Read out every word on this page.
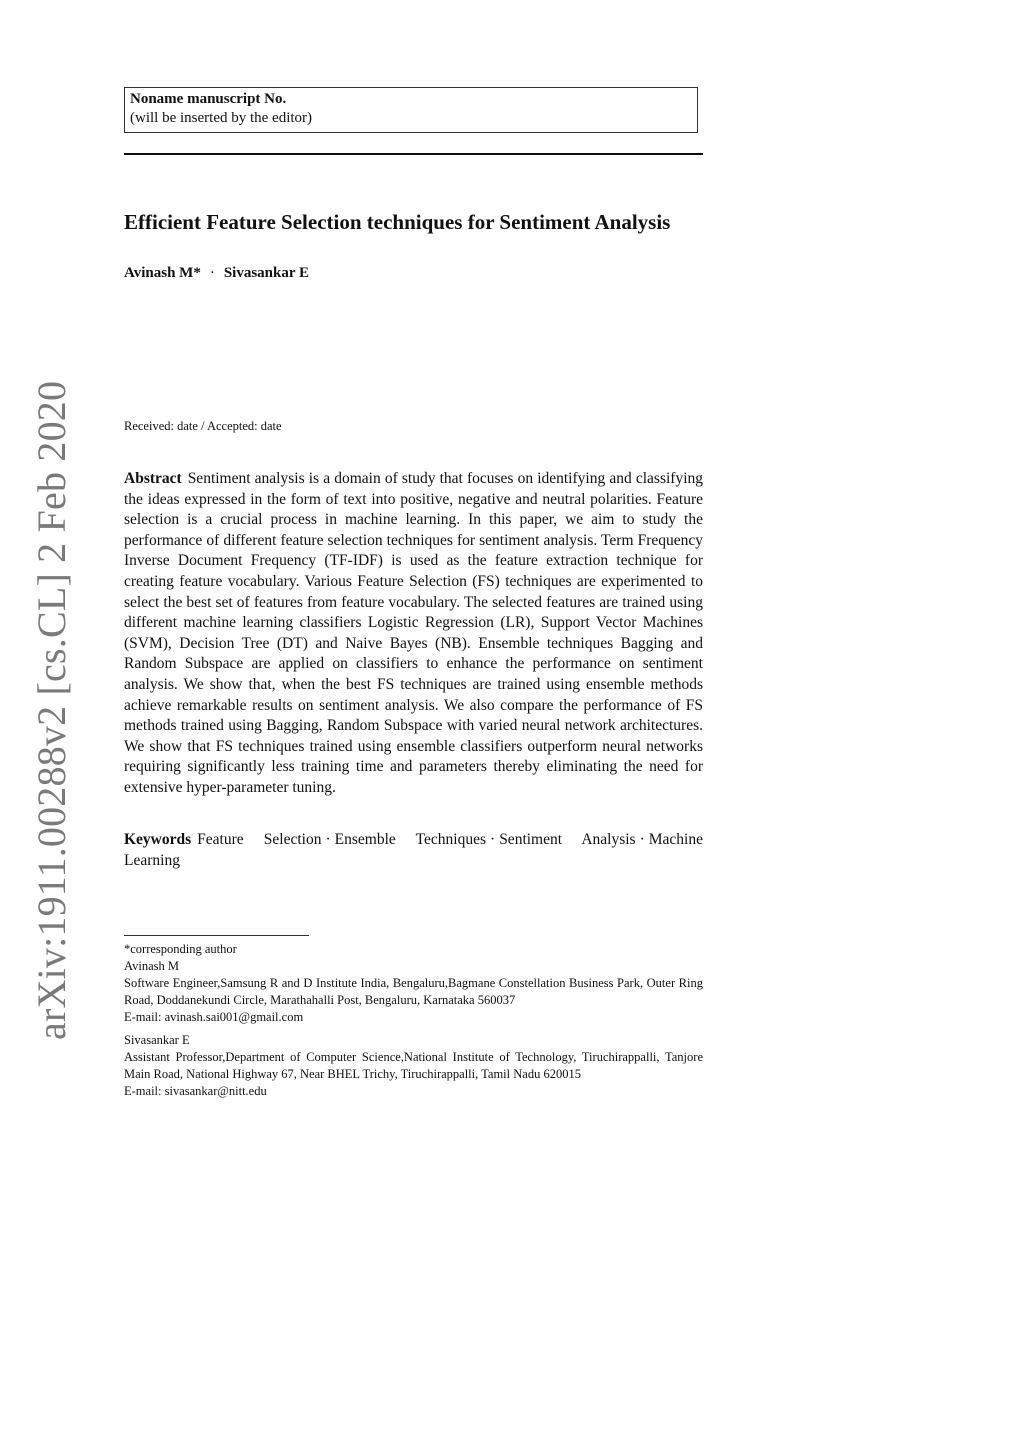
Noname manuscript No.
(will be inserted by the editor)
Efficient Feature Selection techniques for Sentiment Analysis
Avinash M* · Sivasankar E
Received: date / Accepted: date
Abstract Sentiment analysis is a domain of study that focuses on identifying and classifying the ideas expressed in the form of text into positive, negative and neutral polarities. Feature selection is a crucial process in machine learning. In this paper, we aim to study the performance of different feature selection techniques for sentiment analysis. Term Frequency Inverse Document Frequency (TF-IDF) is used as the feature extraction technique for creating feature vocabulary. Various Feature Selection (FS) techniques are experimented to select the best set of features from feature vocabulary. The selected features are trained using different machine learning classifiers Logistic Regression (LR), Support Vector Machines (SVM), Decision Tree (DT) and Naive Bayes (NB). Ensemble techniques Bagging and Random Subspace are applied on classifiers to enhance the performance on sentiment analysis. We show that, when the best FS techniques are trained using ensemble methods achieve remarkable results on sentiment analysis. We also compare the performance of FS methods trained using Bagging, Random Subspace with varied neural network architectures. We show that FS techniques trained using ensemble classifiers outperform neural networks requiring significantly less training time and parameters thereby eliminating the need for extensive hyper-parameter tuning.
Keywords Feature Selection · Ensemble Techniques · Sentiment Analysis · Machine Learning

*corresponding author

Avinash M

Software Engineer,Samsung R and D Institute India, Bengaluru,Bagmane Constellation Business Park, Outer Ring Road, Doddanekundi Circle, Marathahalli Post, Bengaluru, Karnataka 560037

E-mail: avinash.sai001@gmail.com

Sivasankar E

Assistant Professor,Department of Computer Science,National Institute of Technology, Tiruchirappalli, Tanjore Main Road, National Highway 67, Near BHEL Trichy, Tiruchirappalli, Tamil Nadu 620015

E-mail: sivasankar@nitt.edu

arXiv:1911.00288v2 [cs.CL] 2 Feb 2020
